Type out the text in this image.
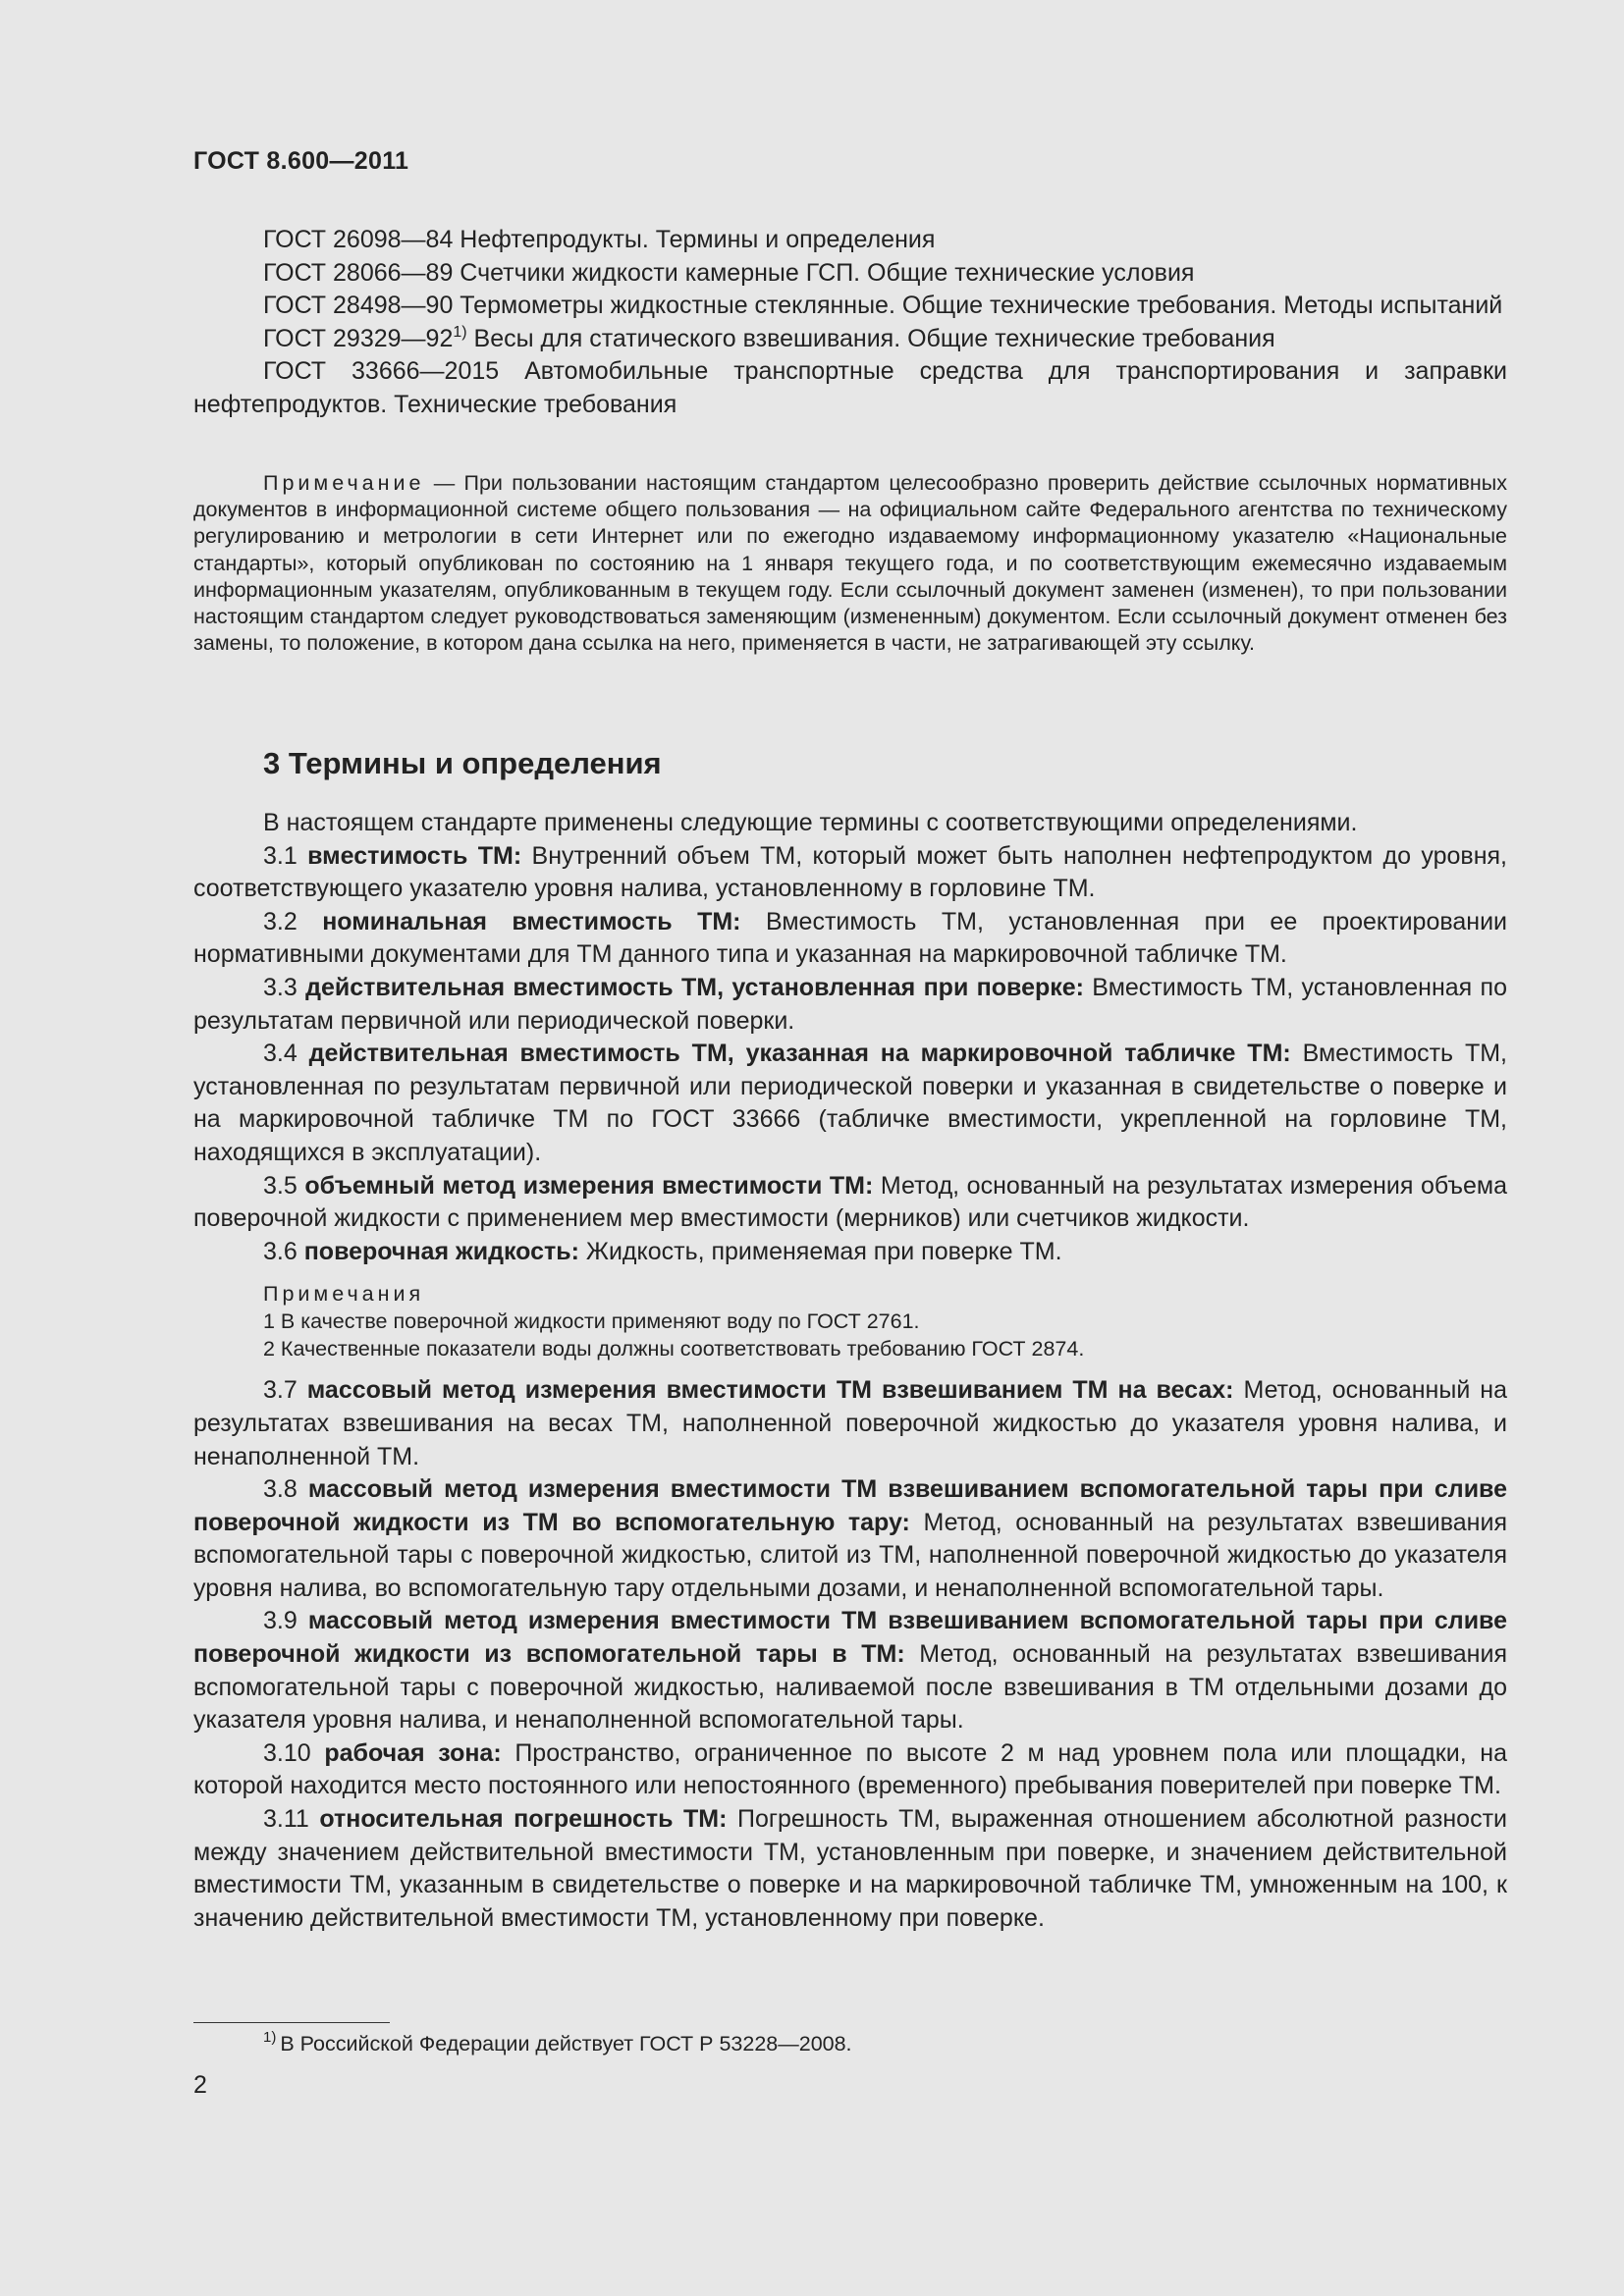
ГОСТ 8.600—2011

ГОСТ 26098—84 Нефтепродукты. Термины и определения

ГОСТ 28066—89 Счетчики жидкости камерные ГСП. Общие технические условия

ГОСТ 28498—90 Термометры жидкостные стеклянные. Общие технические требования. Методы испытаний

ГОСТ 29329—92$^{1)}$ Весы для статического взвешивания. Общие технические требования

ГОСТ 33666—2015 Автомобильные транспортные средства для транспортирования и заправки нефтепродуктов. Технические требования

Примечание — При пользовании настоящим стандартом целесообразно проверить действие ссылочных нормативных документов в информационной системе общего пользования — на официальном сайте Федерального агентства по техническому регулированию и метрологии в сети Интернет или по ежегодно издаваемому информационному указателю «Национальные стандарты», который опубликован по состоянию на 1 января текущего года, и по соответствующим ежемесячно издаваемым информационным указателям, опубликованным в текущем году. Если ссылочный документ заменен (изменен), то при пользовании настоящим стандартом следует руководствоваться заменяющим (измененным) документом. Если ссылочный документ отменен без замены, то положение, в котором дана ссылка на него, применяется в части, не затрагивающей эту ссылку.

3 Термины и определения

В настоящем стандарте применены следующие термины с соответствующими определениями.

3.1 вместимость ТМ: Внутренний объем ТМ, который может быть наполнен нефтепродуктом до уровня, соответствующего указателю уровня налива, установленному в горловине ТМ.

3.2 номинальная вместимость ТМ: Вместимость ТМ, установленная при ее проектировании нормативными документами для ТМ данного типа и указанная на маркировочной табличке ТМ.

3.3 действительная вместимость ТМ, установленная при поверке: Вместимость ТМ, установленная по результатам первичной или периодической поверки.

3.4 действительная вместимость ТМ, указанная на маркировочной табличке ТМ: Вместимость ТМ, установленная по результатам первичной или периодической поверки и указанная в свидетельстве о поверке и на маркировочной табличке ТМ по ГОСТ 33666 (табличке вместимости, укрепленной на горловине ТМ, находящихся в эксплуатации).

3.5 объемный метод измерения вместимости ТМ: Метод, основанный на результатах измерения объема поверочной жидкости с применением мер вместимости (мерников) или счетчиков жидкости.

3.6 поверочная жидкость: Жидкость, применяемая при поверке ТМ.

Примечания
1 В качестве поверочной жидкости применяют воду по ГОСТ 2761.
2 Качественные показатели воды должны соответствовать требованию ГОСТ 2874.

3.7 массовый метод измерения вместимости ТМ взвешиванием ТМ на весах: Метод, основанный на результатах взвешивания на весах ТМ, наполненной поверочной жидкостью до указателя уровня налива, и ненаполненной ТМ.

3.8 массовый метод измерения вместимости ТМ взвешиванием вспомогательной тары при сливе поверочной жидкости из ТМ во вспомогательную тару: Метод, основанный на результатах взвешивания вспомогательной тары с поверочной жидкостью, слитой из ТМ, наполненной поверочной жидкостью до указателя уровня налива, во вспомогательную тару отдельными дозами, и ненаполненной вспомогательной тары.

3.9 массовый метод измерения вместимости ТМ взвешиванием вспомогательной тары при сливе поверочной жидкости из вспомогательной тары в ТМ: Метод, основанный на результатах взвешивания вспомогательной тары с поверочной жидкостью, наливаемой после взвешивания в ТМ отдельными дозами до указателя уровня налива, и ненаполненной вспомогательной тары.

3.10 рабочая зона: Пространство, ограниченное по высоте 2 м над уровнем пола или площадки, на которой находится место постоянного или непостоянного (временного) пребывания поверителей при поверке ТМ.

3.11 относительная погрешность ТМ: Погрешность ТМ, выраженная отношением абсолютной разности между значением действительной вместимости ТМ, установленным при поверке, и значением действительной вместимости ТМ, указанным в свидетельстве о поверке и на маркировочной табличке ТМ, умноженным на 100, к значению действительной вместимости ТМ, установленному при поверке.

$^{1)}$ В Российской Федерации действует ГОСТ Р 53228—2008.
2
